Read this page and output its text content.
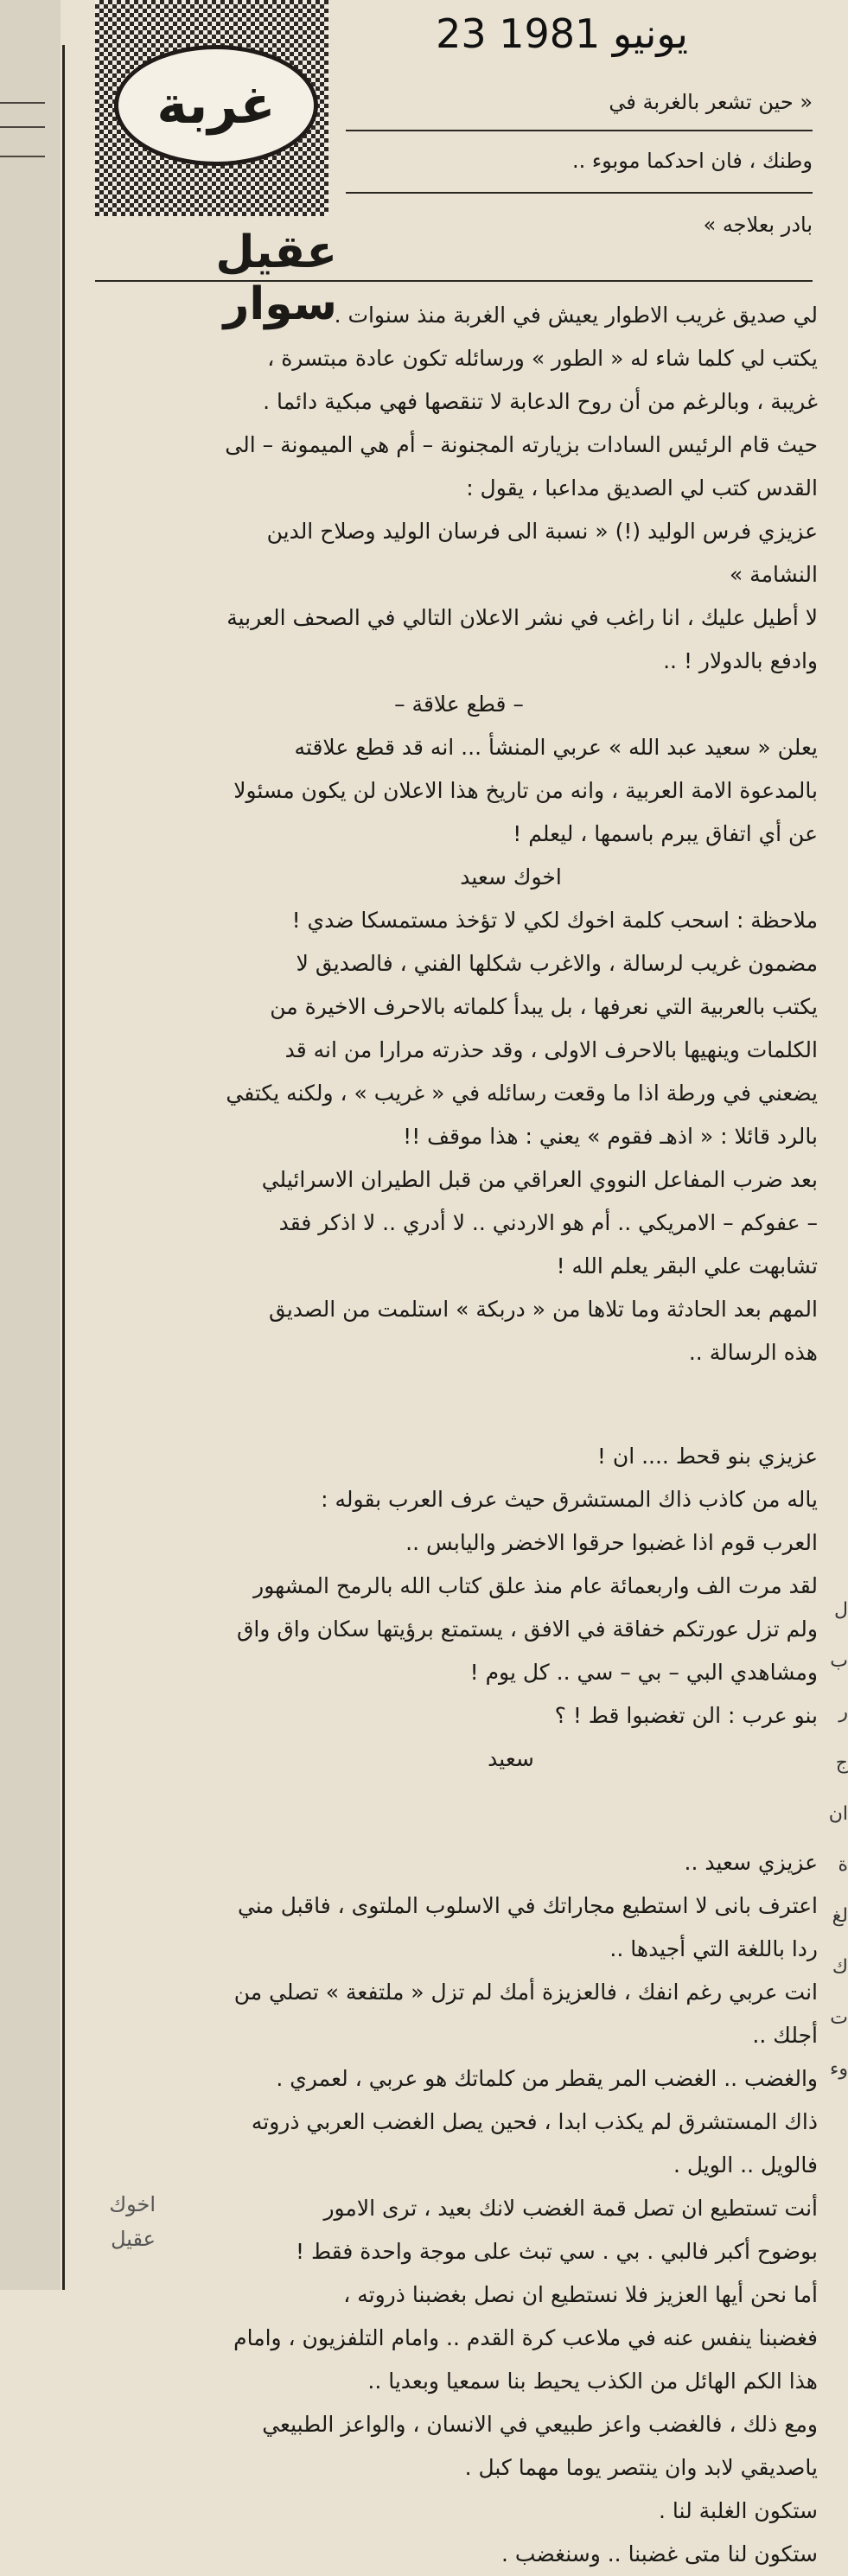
ل
ب
ر
ج
ان
ة
لغ
ك
ت
وء
23 يونيو 1981
غربة	« حين تشعر بالغربة في
وطنك ، فان احدكما موبوء ..
بادر بعلاجه »
عقيل سوار

لي صديق غريب الاطوار يعيش في الغربة منذ سنوات .

يكتب لي كلما شاء له « الطور » ورسائله تكون عادة مبتسرة ،

غريبة ، وبالرغم من أن روح الدعابة لا تنقصها فهي مبكية دائما .

حيث قام الرئيس السادات بزيارته المجنونة – أم هي الميمونة – الى

القدس كتب لي الصديق مداعبا ، يقول :

عزيزي فرس الوليد (!) « نسبة الى فرسان الوليد وصلاح الدين

النشامة »

لا أطيل عليك ، انا راغب في نشر الاعلان التالي في الصحف العربية

وادفع بالدولار ! ..

– قطع علاقة –

يعلن « سعيد عبد الله » عربي المنشأ ... انه قد قطع علاقته

بالمدعوة الامة العربية ، وانه من تاريخ هذا الاعلان لن يكون مسئولا

عن أي اتفاق يبرم باسمها ، ليعلم !

اخوك سعيد

ملاحظة : اسحب كلمة اخوك لكي لا تؤخذ مستمسكا ضدي !

مضمون غريب لرسالة ، والاغرب شكلها الفني ، فالصديق لا

يكتب بالعربية التي نعرفها ، بل يبدأ كلماته بالاحرف الاخيرة من

الكلمات وينهيها بالاحرف الاولى ، وقد حذرته مرارا من انه قد

يضعني في ورطة اذا ما وقعت رسائله في « غريب » ، ولكنه يكتفي

بالرد قائلا : « اذهـ فقوم » يعني : هذا موقف !!

بعد ضرب المفاعل النووي العراقي من قبل الطيران الاسرائيلي

– عفوكم – الامريكي .. أم هو الاردني .. لا أدري .. لا اذكر فقد

تشابهت علي البقر يعلم الله !

المهم بعد الحادثة وما تلاها من « دربكة » استلمت من الصديق

هذه الرسالة ..

عزيزي بنو قحط .... ان !

ياله من كاذب ذاك المستشرق حيث عرف العرب بقوله :

العرب قوم اذا غضبوا حرقوا الاخضر واليابس ..

لقد مرت الف واربعمائة عام منذ علق كتاب الله بالرمح المشهور

ولم تزل عورتكم خفاقة في الافق ، يستمتع برؤيتها سكان واق واق

ومشاهدي البي – بي – سي .. كل يوم !

بنو عرب : الن تغضبوا قط ! ؟

سعيد

عزيزي سعيد ..

اعترف بانى لا استطيع مجاراتك في الاسلوب الملتوى ، فاقبل مني

ردا باللغة التي أجيدها ..

انت عربي رغم انفك ، فالعزيزة أمك لم تزل « ملتفعة » تصلي من

أجلك ..

والغضب .. الغضب المر يقطر من كلماتك هو عربي ، لعمري .

ذاك المستشرق لم يكذب ابدا ، فحين يصل الغضب العربي ذروته

فالويل .. الويل .

أنت تستطيع ان تصل قمة الغضب لانك بعيد ، ترى الامور

بوضوح أكبر فالبي . بي . سي تبث على موجة واحدة فقط !

أما نحن أيها العزيز فلا نستطيع ان نصل بغضبنا ذروته ،

فغضبنا ينفس عنه في ملاعب كرة القدم .. وامام التلفزيون ، وامام

هذا الكم الهائل من الكذب يحيط بنا سمعيا وبعديا ..

ومع ذلك ، فالغضب واعز طبيعي في الانسان ، والواعز الطبيعي

ياصديقي لابد وان ينتصر يوما مهما كبل .

ستكون الغلبة لنا .

ستكون لنا متى غضبنا .. وسنغضب .

اخوك
عقيل
